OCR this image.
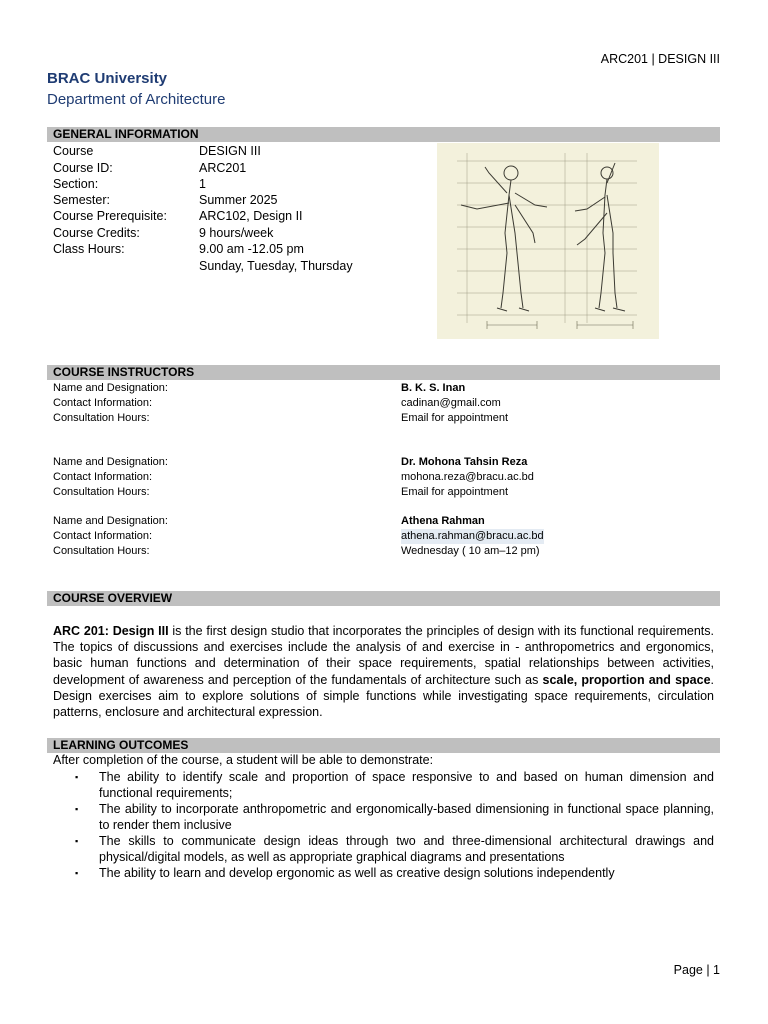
ARC201 | DESIGN III
BRAC University
Department of Architecture
GENERAL INFORMATION
Course	DESIGN III
Course ID:	ARC201
Section:	1
Semester:	Summer 2025
Course Prerequisite:	ARC102, Design II
Course Credits:	9 hours/week
Class Hours:	9.00 am -12.05 pm
Sunday, Tuesday, Thursday
COURSE INSTRUCTORS
Name and Designation:	B. K. S. Inan
Contact Information:	cadinan@gmail.com
Consultation Hours:	Email for appointment
Name and Designation:	Dr. Mohona Tahsin Reza
Contact Information:	mohona.reza@bracu.ac.bd
Consultation Hours:	Email for appointment
Name and Designation:	Athena Rahman
Contact Information:	athena.rahman@bracu.ac.bd
Consultation Hours:	Wednesday ( 10 am–12 pm)
COURSE OVERVIEW
ARC 201: Design III is the first design studio that incorporates the principles of design with its functional requirements. The topics of discussions and exercises include the analysis of and exercise in - anthropometrics and ergonomics, basic human functions and determination of their space requirements, spatial relationships between activities, development of awareness and perception of the fundamentals of architecture such as scale, proportion and space. Design exercises aim to explore solutions of simple functions while investigating space requirements, circulation patterns, enclosure and architectural expression.
LEARNING OUTCOMES
After completion of the course, a student will be able to demonstrate:
▪ The ability to identify scale and proportion of space responsive to and based on human dimension and functional requirements;
▪ The ability to incorporate anthropometric and ergonomically-based dimensioning in functional space planning, to render them inclusive
▪ The skills to communicate design ideas through two and three-dimensional architectural drawings and physical/digital models, as well as appropriate graphical diagrams and presentations
▪ The ability to learn and develop ergonomic as well as creative design solutions independently
Page | 1
